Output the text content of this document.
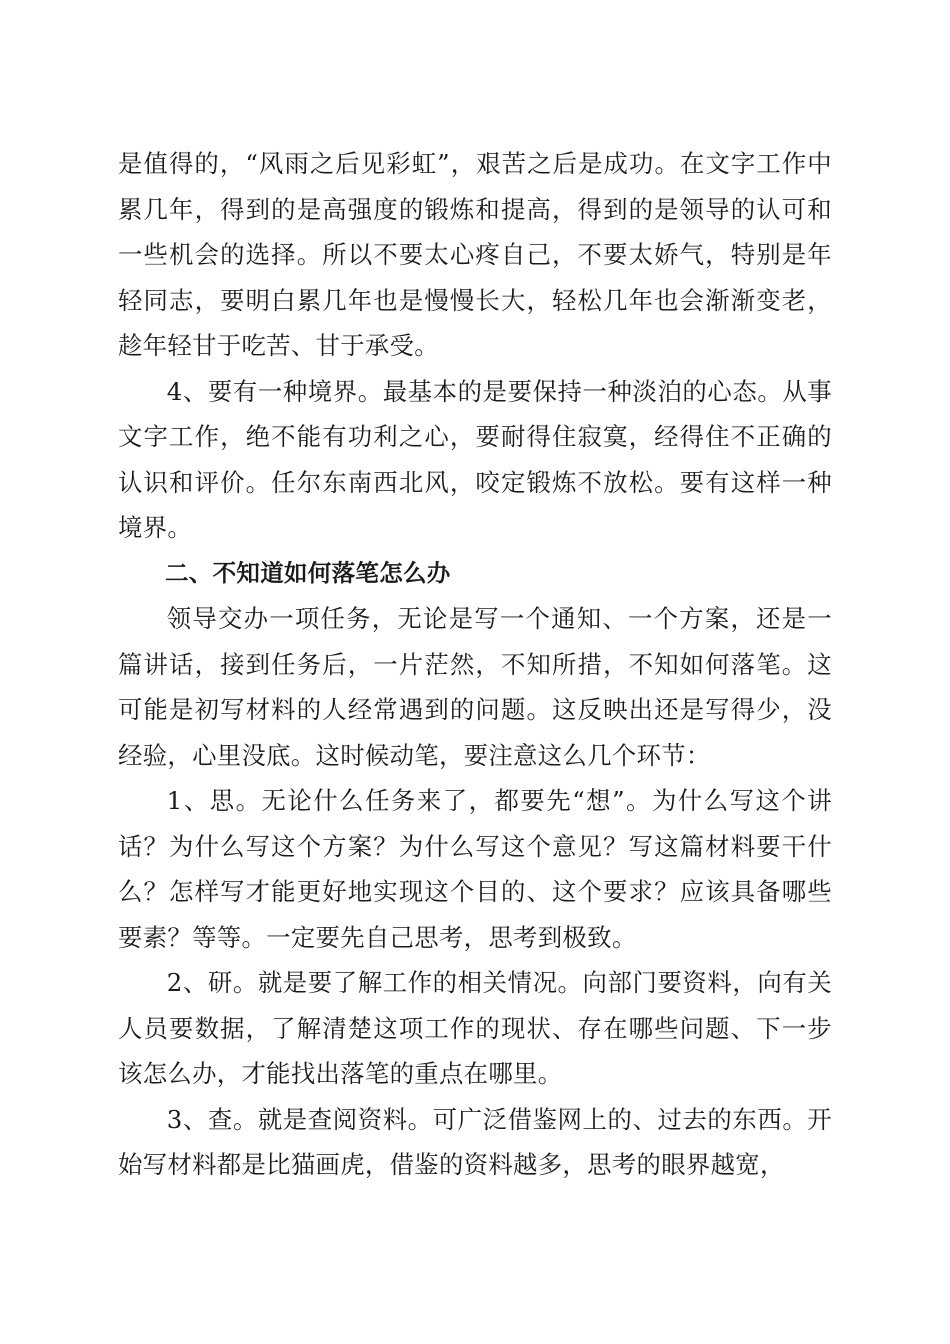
是值得的，“风雨之后见彩虹”，艰苦之后是成功。在文字工作中累几年，得到的是高强度的锻炼和提高，得到的是领导的认可和一些机会的选择。所以不要太心疼自己，不要太娇气，特别是年轻同志，要明白累几年也是慢慢长大，轻松几年也会渐渐变老，趁年轻甘于吃苦、甘于承受。

4、要有一种境界。最基本的是要保持一种淡泊的心态。从事文字工作，绝不能有功利之心，要耐得住寂寞，经得住不正确的认识和评价。任尔东南西北风，咬定锻炼不放松。要有这样一种境界。

二、不知道如何落笔怎么办

领导交办一项任务，无论是写一个通知、一个方案，还是一篇讲话，接到任务后，一片茫然，不知所措，不知如何落笔。这可能是初写材料的人经常遇到的问题。这反映出还是写得少，没经验，心里没底。这时候动笔，要注意这么几个环节：

1、思。无论什么任务来了，都要先“想”。为什么写这个讲话？为什么写这个方案？为什么写这个意见？写这篇材料要干什么？怎样写才能更好地实现这个目的、这个要求？应该具备哪些要素？等等。一定要先自己思考，思考到极致。

2、研。就是要了解工作的相关情况。向部门要资料，向有关人员要数据，了解清楚这项工作的现状、存在哪些问题、下一步该怎么办，才能找出落笔的重点在哪里。

3、查。就是查阅资料。可广泛借鉴网上的、过去的东西。开始写材料都是比猫画虎，借鉴的资料越多，思考的眼界越宽，
